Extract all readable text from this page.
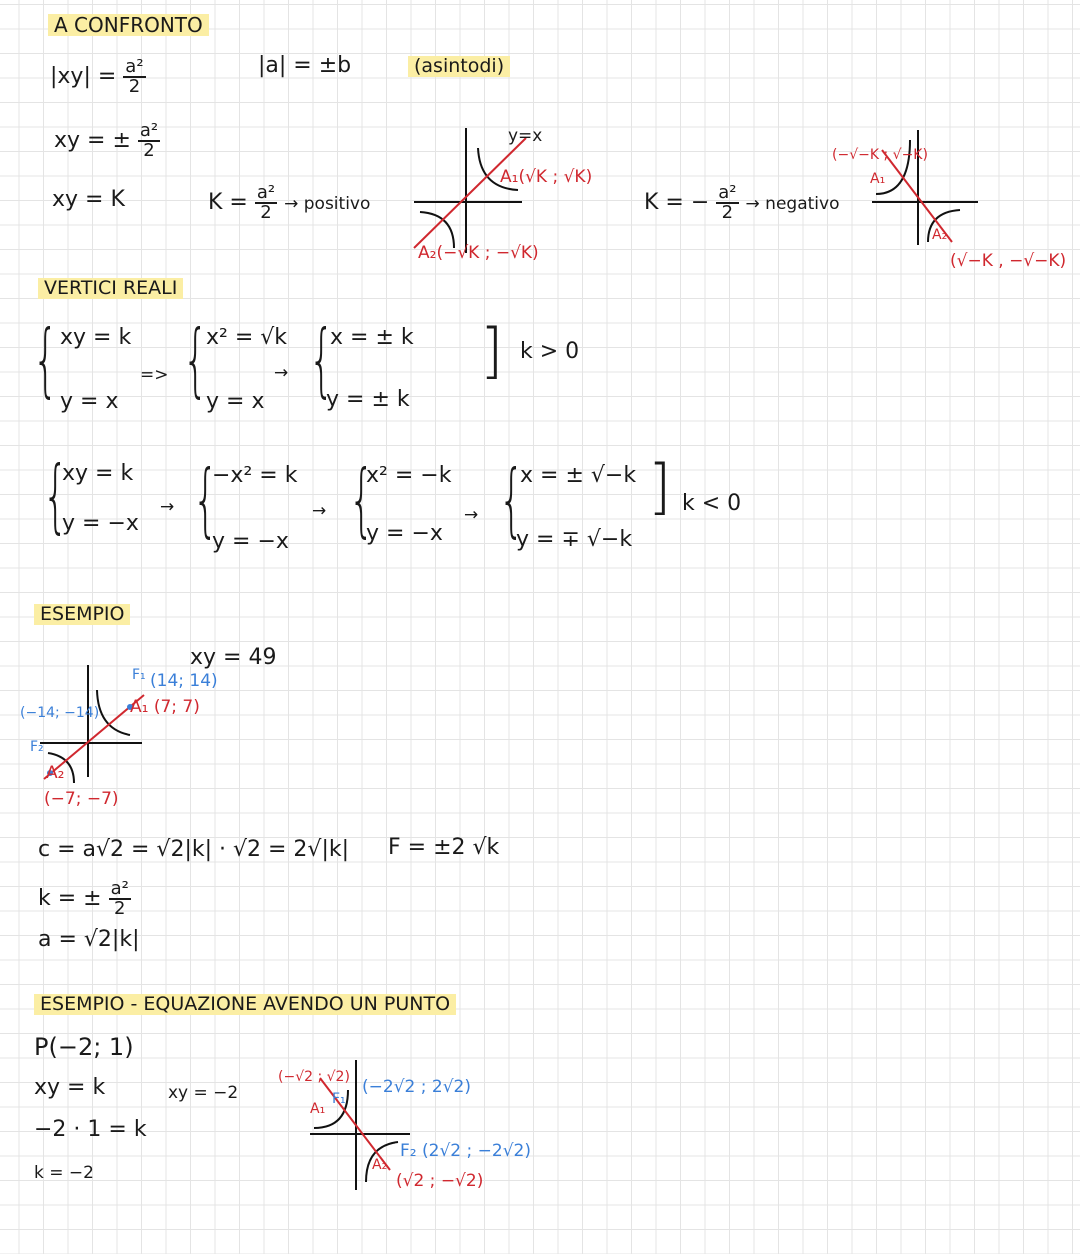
A CONFRONTO
$|xy| = \frac{\text{a²}}{2}$	|a| = ±b	(asintodi)
xy = ± $\frac{\text{a²}}{2}$
xy = K	$K = \frac{\text{a²}}{2}$ → positivo	K = − $\frac{\text{a²}}{2}$ → negativo
y=x
A₁(√K ; √K)
A₂(−√K ; −√K)
(−√−K ; √−K)
A₁
A₂
(√−K , −√−K)
VERTICI REALI
{ xy = k
y = x
=> {
x² = √k
y = x
→ {
x = ± k
y = ± k
] k > 0
{
xy = k
y = −x
→ {
−x² = k
y = −x
→ {
x² = −k
y = −x
→ {
x = ± √−k
y = ∓ √−k
] k < 0
ESEMPIO
xy = 49
F₁ (14; 14)
A₁ (7; 7)
(−14; −14)
F₂
A₂
(−7; −7)
c = a√2 = √2|k| · √2 = 2√|k| F = ±2 √k
k = ± $\frac{\text{a²}}{2}$
a = √2|k|
ESEMPIO - EQUAZIONE AVENDO UN PUNTO
P(−2; 1)
xy = k
−2 · 1 = k
k = −2
xy = −2
(−√2 ; √2)
A₁
F₁
(−2√2 ; 2√2)
A₂
F₂ (2√2 ; −2√2)
(√2 ; −√2)
